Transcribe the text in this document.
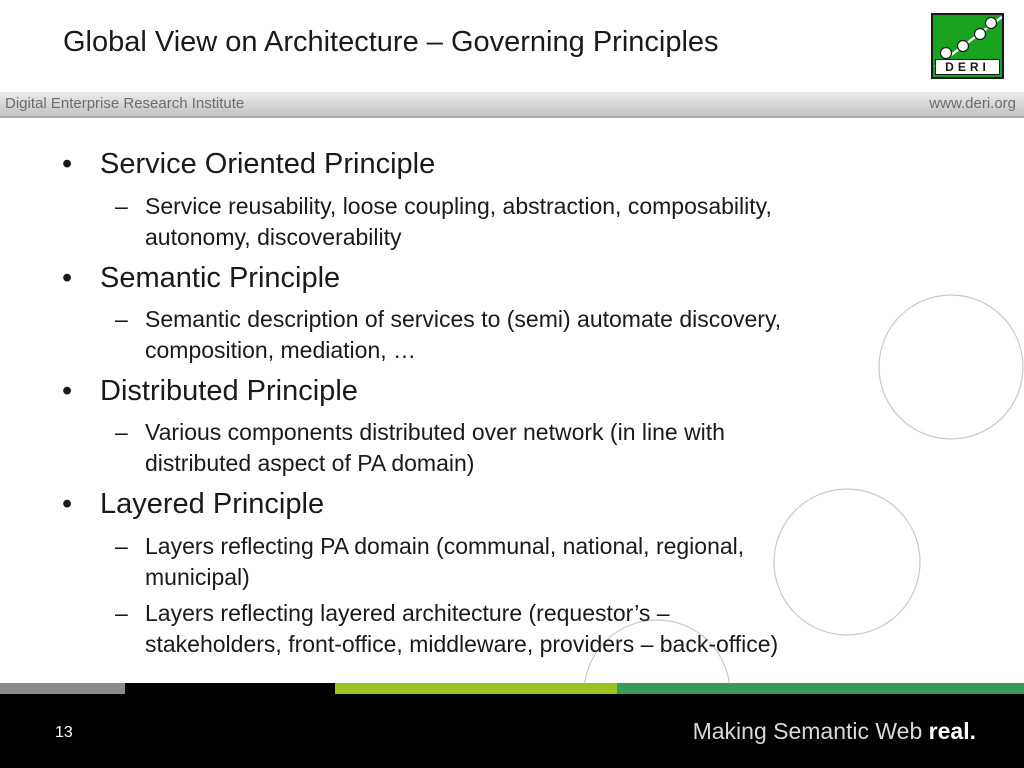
Global View on Architecture – Governing Principles
DERI
Digital Enterprise Research Institute	www.deri.org
• Service Oriented Principle
– Service reusability, loose coupling, abstraction, composability,
autonomy, discoverability
• Semantic Principle
– Semantic description of services to (semi) automate discovery,
composition, mediation, …
• Distributed Principle
– Various components distributed over network (in line with
distributed aspect of PA domain)
• Layered Principle
– Layers reflecting PA domain (communal, national, regional,
municipal)
– Layers reflecting layered architecture (requestor’s –
stakeholders, front-office, middleware, providers – back-office)
13	Making Semantic Web real.
